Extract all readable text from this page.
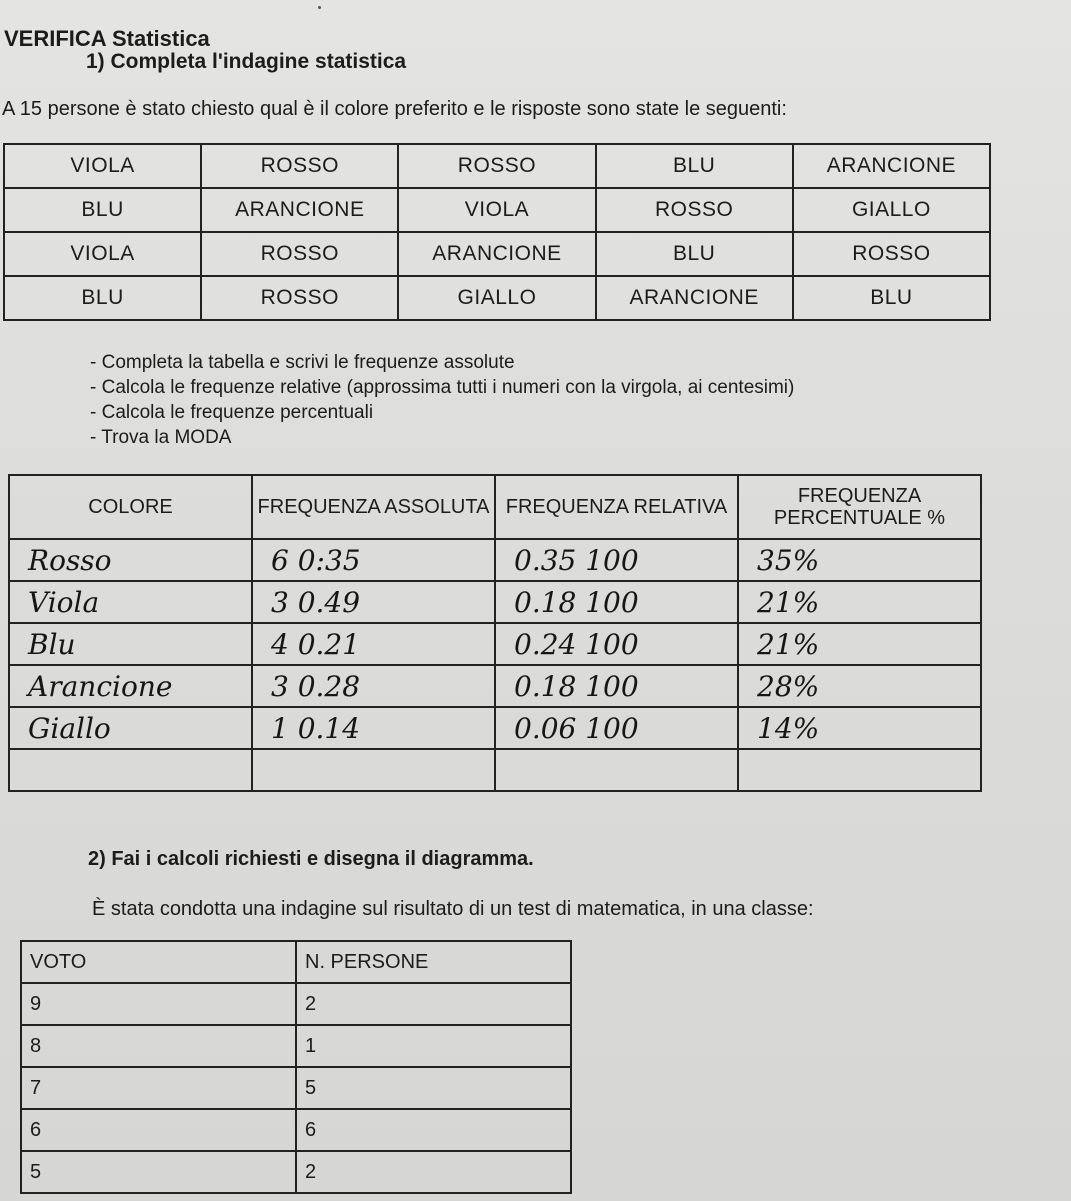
VERIFICA Statistica
1) Completa l'indagine statistica
A 15 persone è stato chiesto qual è il colore preferito e le risposte sono state le seguenti:
VIOLA	ROSSO	ROSSO	BLU	ARANCIONE
BLU	ARANCIONE	VIOLA	ROSSO	GIALLO
VIOLA	ROSSO	ARANCIONE	BLU	ROSSO
BLU	ROSSO	GIALLO	ARANCIONE	BLU
- Completa la tabella e scrivi le frequenze assolute
- Calcola le frequenze relative (approssima tutti i numeri con la virgola, ai centesimi)
- Calcola le frequenze percentuali
- Trova la MODA
COLORE	FREQUENZA ASSOLUTA	FREQUENZA RELATIVA	FREQUENZA PERCENTUALE %
Rosso	6 0:35	0.35 100	35%
Viola	3 0.49	0.18 100	21%
Blu	4 0.21	0.24 100	21%
Arancione	3 0.28	0.18 100	28%
Giallo	1 0.14	0.06 100	14%

2) Fai i calcoli richiesti e disegna il diagramma.
È stata condotta una indagine sul risultato di un test di matematica, in una classe:
VOTO	N. PERSONE
9	2
8	1
7	5
6	6
5	2
